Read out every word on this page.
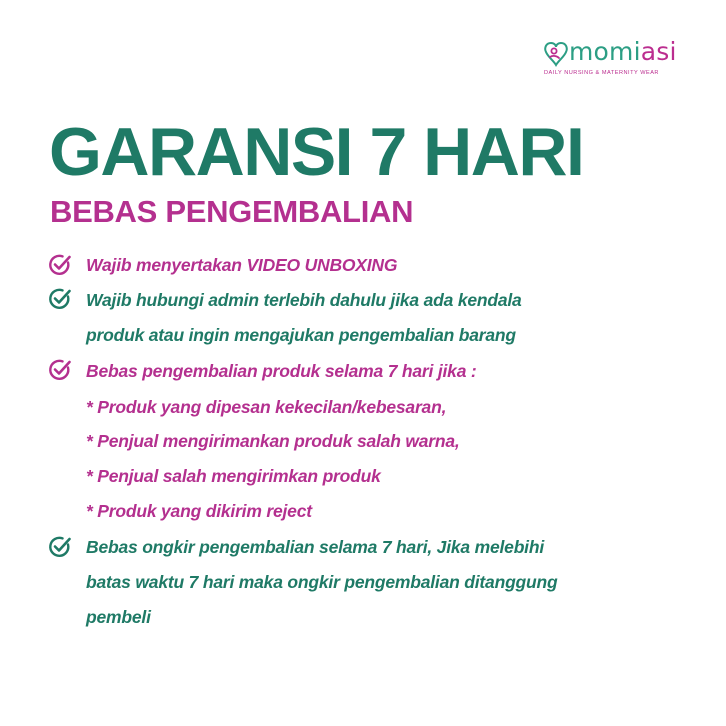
momiasi
DAILY NURSING & MATERNITY WEAR
GARANSI 7 HARI
BEBAS PENGEMBALIAN
Wajib menyertakan VIDEO UNBOXING
Wajib hubungi admin terlebih dahulu jika ada kendala
produk atau ingin mengajukan pengembalian barang
Bebas pengembalian produk selama 7 hari jika :
* Produk yang dipesan kekecilan/kebesaran,
* Penjual mengirimankan produk salah warna,
* Penjual salah mengirimkan produk
* Produk yang dikirim reject
Bebas ongkir pengembalian selama 7 hari, Jika melebihi
batas waktu 7 hari maka ongkir pengembalian ditanggung
pembeli
